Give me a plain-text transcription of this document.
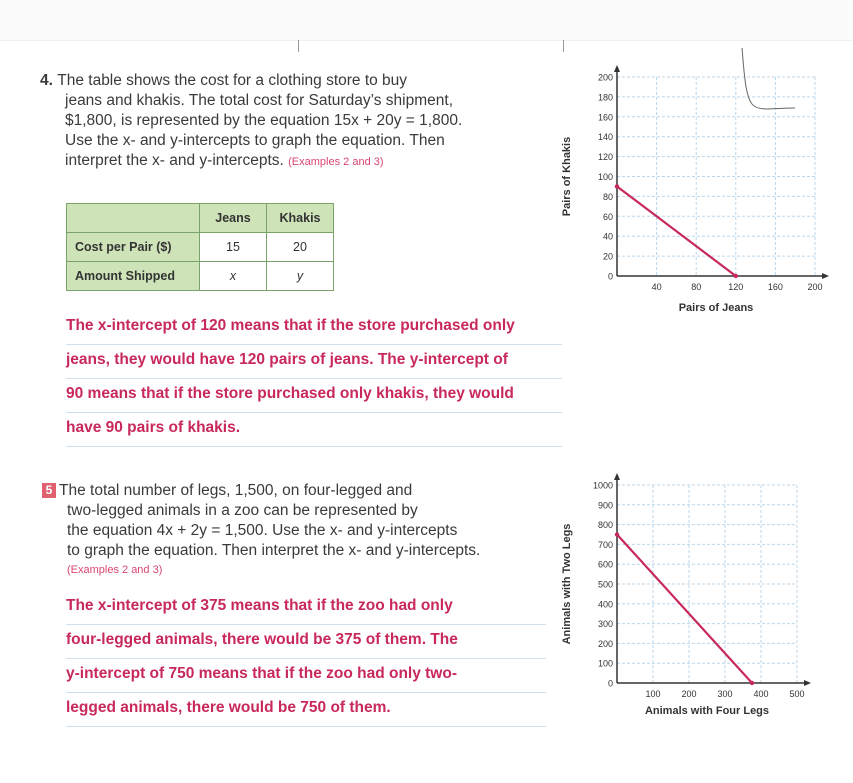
4. The table shows the cost for a clothing store to buy
jeans and khakis. The total cost for Saturday’s shipment,
$1,800, is represented by the equation 15x + 20y = 1,800.
Use the x- and y-intercepts to graph the equation. Then
interpret the x- and y-intercepts. (Examples 2 and 3)
	Jeans	Khakis
Cost per Pair ($)	15	20
Amount Shipped	x	y
The x-intercept of 120 means that if the store purchased only
jeans, they would have 120 pairs of jeans. The y-intercept of
90 means that if the store purchased only khakis, they would
have 90 pairs of khakis.
5 The total number of legs, 1,500, on four-legged and
two-legged animals in a zoo can be represented by
the equation 4x + 2y = 1,500. Use the x- and y-intercepts
to graph the equation. Then interpret the x- and y-intercepts.
(Examples 2 and 3)
The x-intercept of 375 means that if the zoo had only
four-legged animals, there would be 375 of them. The
y-intercept of 750 means that if the zoo had only two-
legged animals, there would be 750 of them.
0
20
40
60
80
100
120
140
160
180
200
40	80	120	160	200
Pairs of Jeans
Pairs of Khakis
0
100
200
300
400
500
600
700
800
900
1000
100 200 300 400 500
Animals with Four Legs
Animals with Two Legs
